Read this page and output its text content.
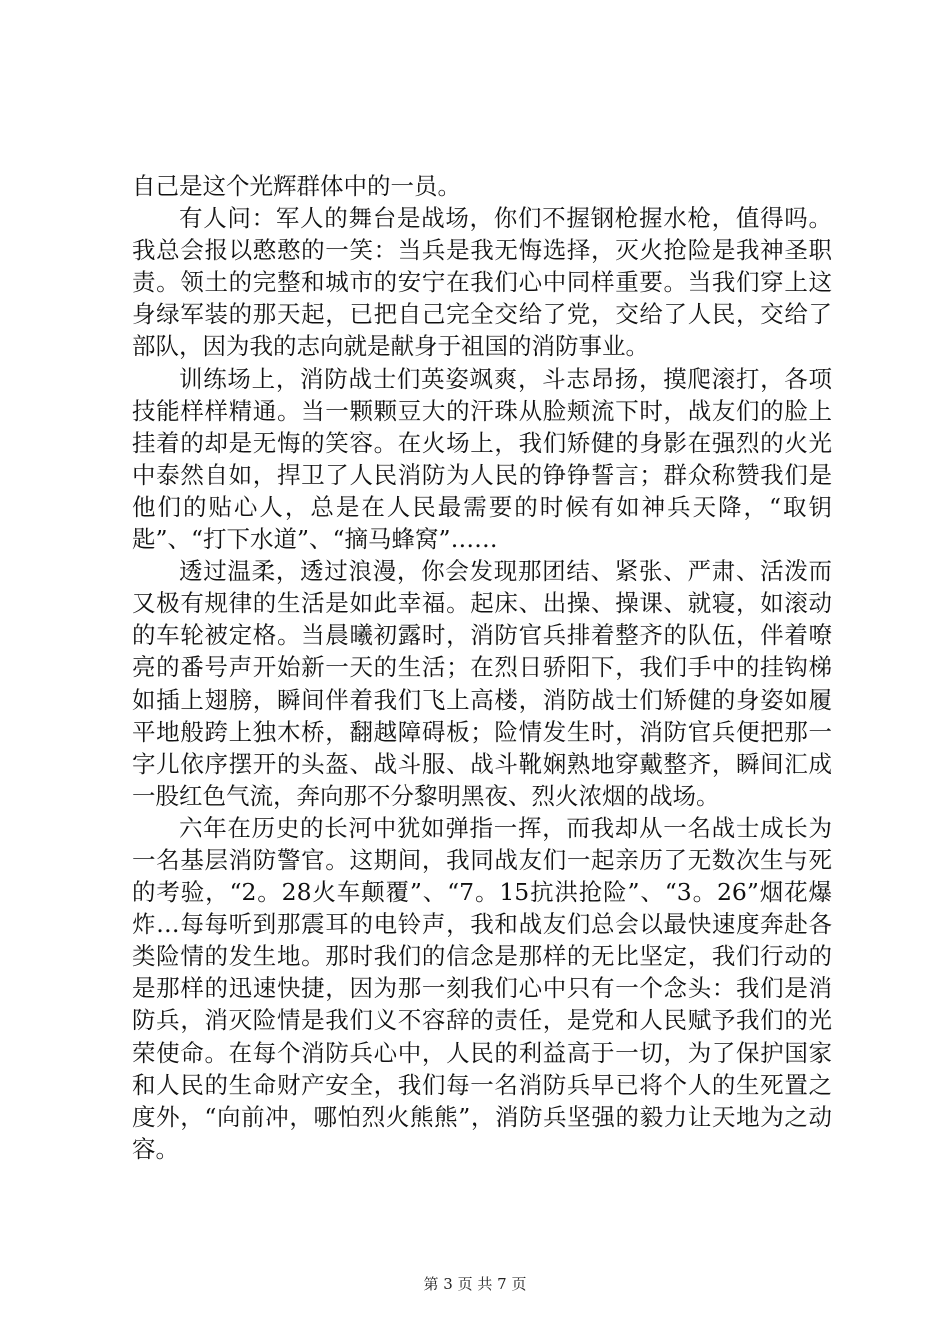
自己是这个光辉群体中的一员。

有人问：军人的舞台是战场，你们不握钢枪握水枪，值得吗。我总会报以憨憨的一笑：当兵是我无悔选择，灭火抢险是我神圣职责。领土的完整和城市的安宁在我们心中同样重要。当我们穿上这身绿军装的那天起，已把自己完全交给了党，交给了人民，交给了部队，因为我的志向就是献身于祖国的消防事业。

训练场上，消防战士们英姿飒爽，斗志昂扬，摸爬滚打，各项技能样样精通。当一颗颗豆大的汗珠从脸颊流下时，战友们的脸上挂着的却是无悔的笑容。在火场上，我们矫健的身影在强烈的火光中泰然自如，捍卫了人民消防为人民的铮铮誓言；群众称赞我们是他们的贴心人，总是在人民最需要的时候有如神兵天降，“取钥匙”、“打下水道”、“摘马蜂窝”……

透过温柔，透过浪漫，你会发现那团结、紧张、严肃、活泼而又极有规律的生活是如此幸福。起床、出操、操课、就寝，如滚动的车轮被定格。当晨曦初露时，消防官兵排着整齐的队伍，伴着嘹亮的番号声开始新一天的生活；在烈日骄阳下，我们手中的挂钩梯如插上翅膀，瞬间伴着我们飞上高楼，消防战士们矫健的身姿如履平地般跨上独木桥，翻越障碍板；险情发生时，消防官兵便把那一字儿依序摆开的头盔、战斗服、战斗靴娴熟地穿戴整齐，瞬间汇成一股红色气流，奔向那不分黎明黑夜、烈火浓烟的战场。

六年在历史的长河中犹如弹指一挥，而我却从一名战士成长为一名基层消防警官。这期间，我同战友们一起亲历了无数次生与死的考验，“2。28火车颠覆”、“7。15抗洪抢险”、“3。26”烟花爆炸…每每听到那震耳的电铃声，我和战友们总会以最快速度奔赴各类险情的发生地。那时我们的信念是那样的无比坚定，我们行动的是那样的迅速快捷，因为那一刻我们心中只有一个念头：我们是消防兵，消灭险情是我们义不容辞的责任，是党和人民赋予我们的光荣使命。在每个消防兵心中，人民的利益高于一切，为了保护国家和人民的生命财产安全，我们每一名消防兵早已将个人的生死置之度外，“向前冲，哪怕烈火熊熊”，消防兵坚强的毅力让天地为之动容。

第 3 页 共 7 页
